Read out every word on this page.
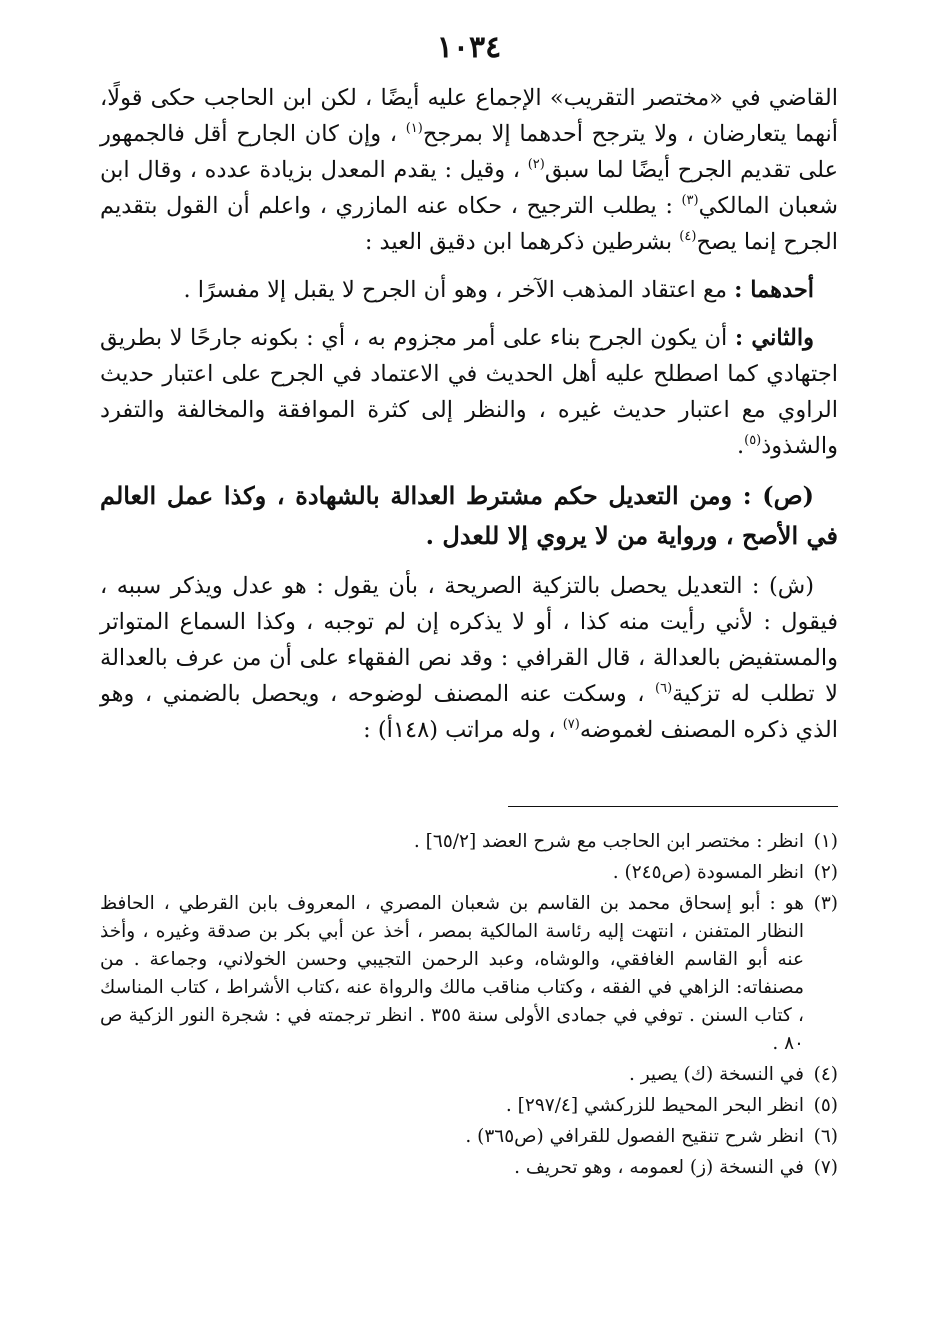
١٠٣٤

القاضي في «مختصر التقريب» الإجماع عليه أيضًا ، لكن ابن الحاجب حكى قولًا، أنهما يتعارضان ، ولا يترجح أحدهما إلا بمرجح$^{(١)}$ ، وإن كان الجارح أقل فالجمهور على تقديم الجرح أيضًا لما سبق$^{(٢)}$ ، وقيل : يقدم المعدل بزيادة عدده ، وقال ابن شعبان المالكي$^{(٣)}$ : يطلب الترجيح ، حكاه عنه المازري ، واعلم أن القول بتقديم الجرح إنما يصح$^{(٤)}$ بشرطين ذكرهما ابن دقيق العيد :

أحدهما : مع اعتقاد المذهب الآخر ، وهو أن الجرح لا يقبل إلا مفسرًا .

والثاني : أن يكون الجرح بناء على أمر مجزوم به ، أي : بكونه جارحًا لا بطريق اجتهادي كما اصطلح عليه أهل الحديث في الاعتماد في الجرح على اعتبار حديث الراوي مع اعتبار حديث غيره ، والنظر إلى كثرة الموافقة والمخالفة والتفرد والشذوذ$^{(٥)}$.

(ص) : ومن التعديل حكم مشترط العدالة بالشهادة ، وكذا عمل العالم في الأصح ، ورواية من لا يروي إلا للعدل .

(ش) : التعديل يحصل بالتزكية الصريحة ، بأن يقول : هو عدل ويذكر سببه ، فيقول : لأني رأيت منه كذا ، أو لا يذكره إن لم توجبه ، وكذا السماع المتواتر والمستفيض بالعدالة ، قال القرافي : وقد نص الفقهاء على أن من عرف بالعدالة لا تطلب له تزكية$^{(٦)}$ ، وسكت عنه المصنف لوضوحه ، ويحصل بالضمني ، وهو الذي ذكره المصنف لغموضه$^{(٧)}$ ، وله مراتب (١٤٨أ) :

(١)
انظر : مختصر ابن الحاجب مع شرح العضد [٦٥/٢] .
(٢)
انظر المسودة (ص٢٤٥) .
(٣)
هو : أبو إسحاق محمد بن القاسم بن شعبان المصري ، المعروف بابن القرطي ، الحافظ النظار المتفنن ، انتهت إليه رئاسة المالكية بمصر ، أخذ عن أبي بكر بن صدقة وغيره ، وأخذ عنه أبو القاسم الغافقي، والوشاه، وعبد الرحمن التجيبي وحسن الخولاني، وجماعة . من مصنفاته: الزاهي في الفقه ، وكتاب مناقب مالك والرواة عنه ،كتاب الأشراط ، كتاب المناسك ، كتاب السنن . توفي في جمادى الأولى سنة ٣٥٥ . انظر ترجمته في : شجرة النور الزكية ص ٨٠ .
(٤)
في النسخة (ك) يصير .
(٥)
انظر البحر المحيط للزركشي [٢٩٧/٤] .
(٦)
انظر شرح تنقيح الفصول للقرافي (ص٣٦٥) .
(٧)
في النسخة (ز) لعمومه ، وهو تحريف .
